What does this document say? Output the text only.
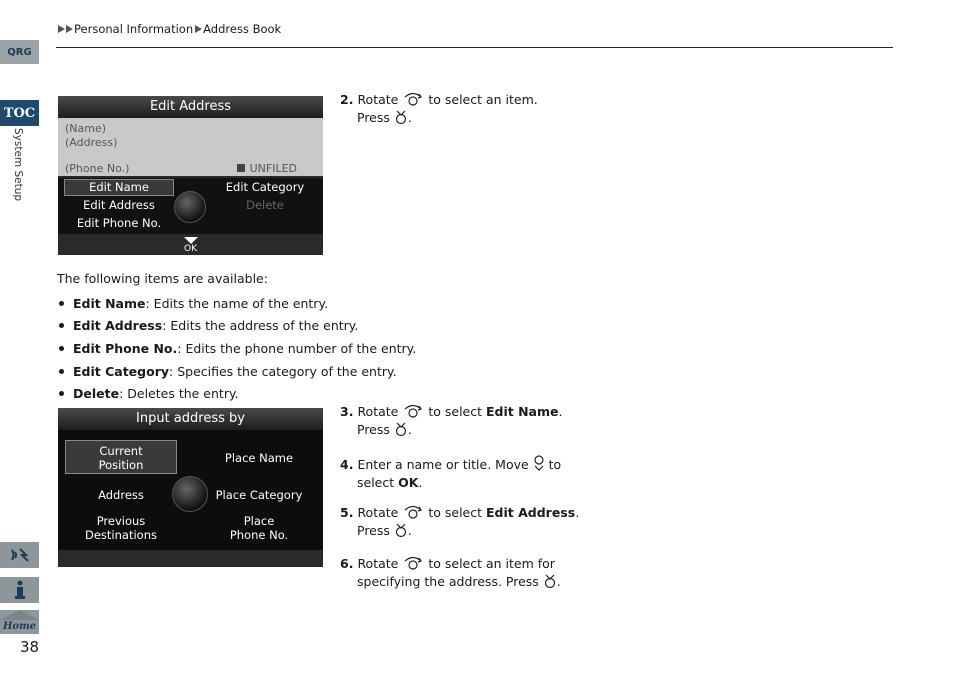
Personal Information Address Book
QRG
TOC
System Setup
Home
38
Edit Address
(Name)
(Address)
(Phone No.)	UNFILED
Edit Name
Edit Address
Edit Phone No.
Edit Category
Delete
OK
2. Rotate to select an item.
Press .
The following items are available:
Edit Name : Edits the name of the entry.
Edit Address : Edits the address of the entry.
Edit Phone No. : Edits the phone number of the entry.
Edit Category : Specifies the category of the entry.
Delete : Deletes the entry.
Input address by
Current
Position
Address
Previous
Destinations
Place Name
Place Category
Place
Phone No.
3. Rotate to select Edit Name.
Press .
4. Enter a name or title. Move to
select OK.
5. Rotate to select Edit Address.
Press .
6. Rotate to select an item for
specifying the address. Press .
